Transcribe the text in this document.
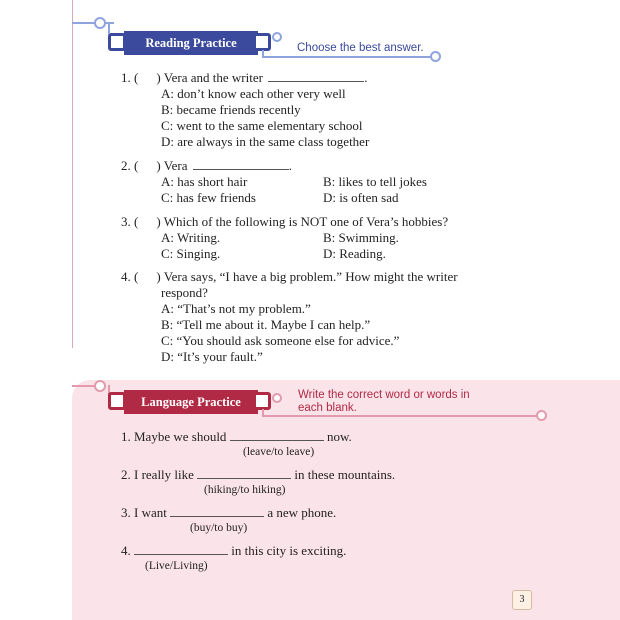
Reading Practice	Choose the best answer.
1. ( ) Vera and the writer	.
A: don’t know each other very well
B: became friends recently
C: went to the same elementary school
D: are always in the same class together
2. ( ) Vera	.
A: has short hair	B: likes to tell jokes
C: has few friends	D: is often sad
3. ( ) Which of the following is NOT one of Vera’s hobbies?
A: Writing.	B: Swimming.
C: Singing.	D: Reading.
4. ( ) Vera says, “I have a big problem.” How might the writer
respond?
A: “That’s not my problem.”
B: “Tell me about it. Maybe I can help.”
C: “You should ask someone else for advice.”
D: “It’s your fault.”
Language Practice	Write the correct word or words in
each blank.
1. Maybe we should	now.
(leave/to leave)
2. I really like	in these mountains.
(hiking/to hiking)
3. I want	a new phone.
(buy/to buy)
4.	in this city is exciting.
(Live/Living)
3
